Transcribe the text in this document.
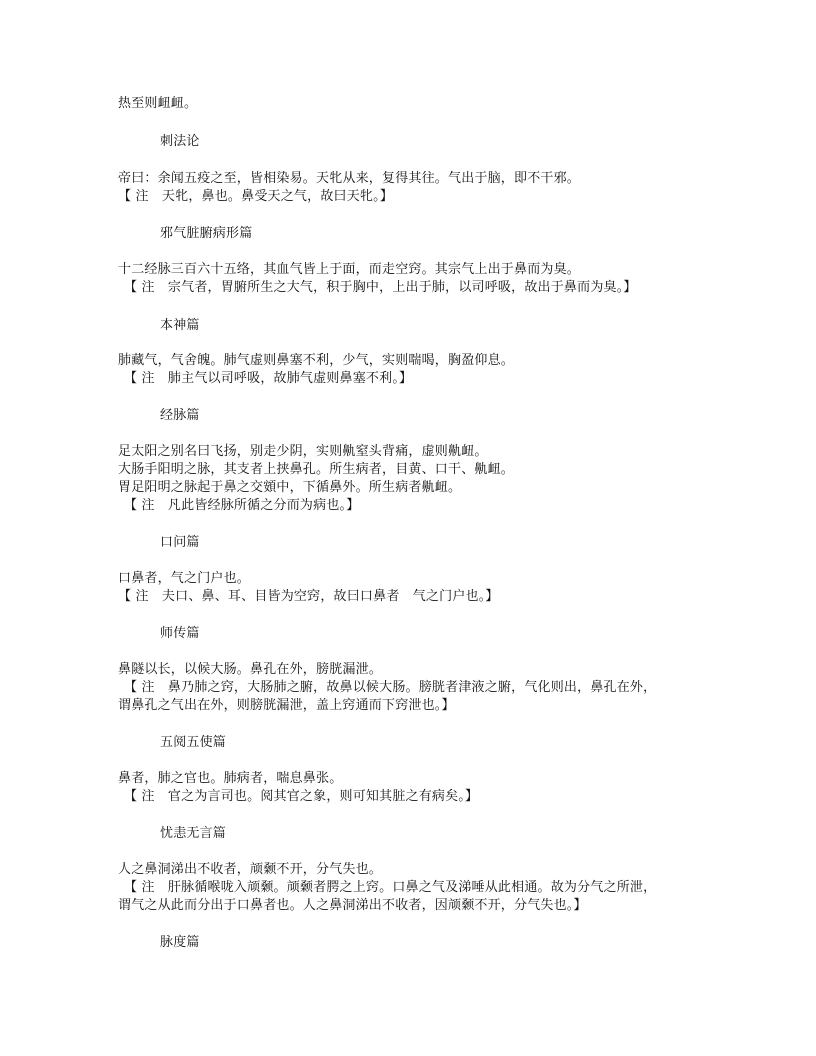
热至则衄衄。
刺法论
帝曰：余闻五疫之至，皆相染易。天牝从来，复得其往。气出于脑，即不干邪。
【 注　天牝，鼻也。鼻受天之气，故曰天牝。】
邪气脏腑病形篇
十二经脉三百六十五络，其血气皆上于面，而走空窍。其宗气上出于鼻而为臭。
【 注　宗气者，胃腑所生之大气，积于胸中，上出于肺，以司呼吸，故出于鼻而为臭。】
本神篇
肺藏气，气舍魄。肺气虚则鼻塞不利，少气，实则喘喝，胸盈仰息。
【 注　肺主气以司呼吸，故肺气虚则鼻塞不利。】
经脉篇
足太阳之别名曰飞扬，别走少阴，实则鼽窒头背痛，虚则鼽衄。
大肠手阳明之脉，其支者上挟鼻孔。所生病者，目黄、口干、鼽衄。
胃足阳明之脉起于鼻之交頞中，下循鼻外。所生病者鼽衄。
【 注　凡此皆经脉所循之分而为病也。】
口问篇
口鼻者，气之门户也。
【 注　夫口、鼻、耳、目皆为空窍，故曰口鼻者　气之门户也。】
师传篇
鼻隧以长，以候大肠。鼻孔在外，膀胱漏泄。
【 注　鼻乃肺之窍，大肠肺之腑，故鼻以候大肠。膀胱者津液之腑，气化则出，鼻孔在外，
谓鼻孔之气出在外，则膀胱漏泄，盖上窍通而下窍泄也。】
五阅五使篇
鼻者，肺之官也。肺病者，喘息鼻张。
【 注　官之为言司也。阅其官之象，则可知其脏之有病矣。】
忧恚无言篇
人之鼻洞涕出不收者，颃颡不开，分气失也。
【 注　肝脉循喉咙入颃颡。颃颡者腭之上窍。口鼻之气及涕唾从此相通。故为分气之所泄，
谓气之从此而分出于口鼻者也。人之鼻洞涕出不收者，因颃颡不开，分气失也。】
脉度篇
